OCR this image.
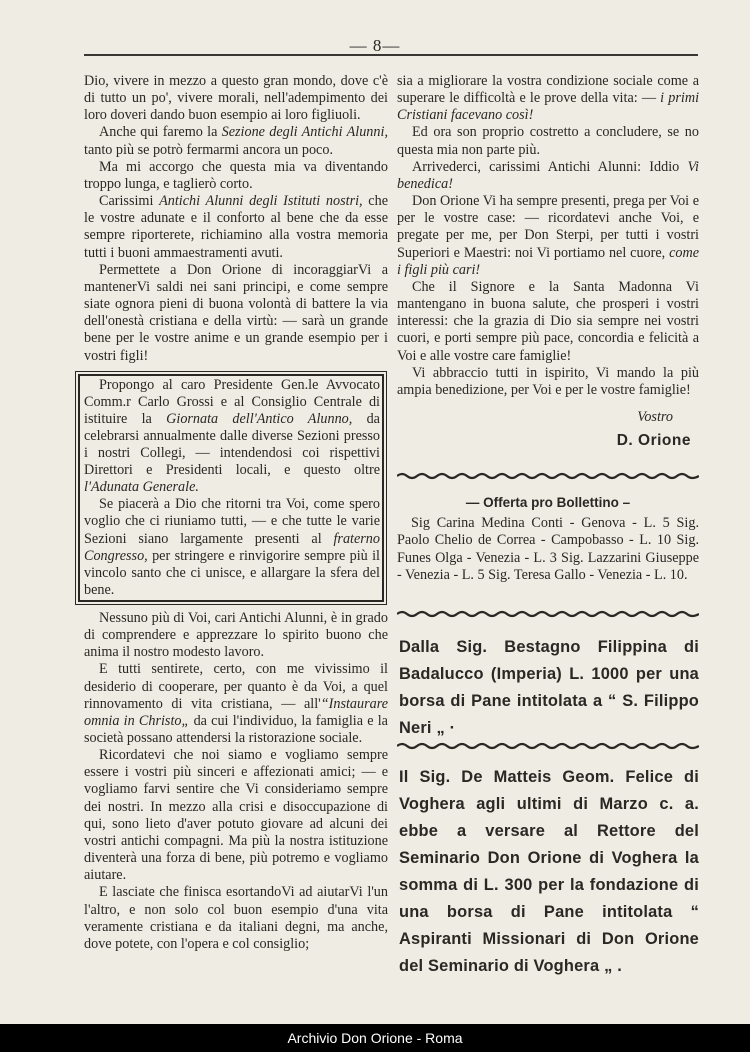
— 8—

Dio, vivere in mezzo a questo gran mondo, dove c'è di tutto un po', vivere morali, nell'adempimento dei loro doveri dando buon esempio ai loro figliuoli.

Anche qui faremo la Sezione degli Antichi Alunni, tanto più se potrò fermarmi ancora un poco.

Ma mi accorgo che questa mia va diventando troppo lunga, e taglierò corto.

Carissimi Antichi Alunni degli Istituti nostri, che le vostre adunate e il conforto al bene che da esse sempre riporterete, richiamino alla vostra memoria tutti i buoni ammaestramenti avuti.

Permettete a Don Orione di incoraggiarVi a mantenerVi saldi nei sani principi, e come sempre siate ognora pieni di buona volontà di battere la via dell'onestà cristiana e della virtù: — sarà un grande bene per le vostre anime e un grande esempio per i vostri figli!

Propongo al caro Presidente Gen.le Avvocato Comm.r Carlo Grossi e al Consiglio Centrale di istituire la Giornata dell'Antico Alunno, da celebrarsi annualmente dalle diverse Sezioni presso i nostri Collegi, — intendendosi coi rispettivi Direttori e Presidenti locali, e questo oltre l'Adunata Generale.

Se piacerà a Dio che ritorni tra Voi, come spero voglio che ci riuniamo tutti, — e che tutte le varie Sezioni siano largamente presenti al fraterno Congresso, per stringere e rinvigorire sempre più il vincolo santo che ci unisce, e allargare la sfera del bene.

Nessuno più di Voi, cari Antichi Alunni, è in grado di comprendere e apprezzare lo spirito buono che anima il nostro modesto lavoro.

E tutti sentirete, certo, con me vivissimo il desiderio di cooperare, per quanto è da Voi, a quel rinnovamento di vita cristiana, — all'“Instaurare omnia in Christo„ da cui l'individuo, la famiglia e la società possano attendersi la ristorazione sociale.

Ricordatevi che noi siamo e vogliamo sempre essere i vostri più sinceri e affezionati amici; — e vogliamo farvi sentire che Vi consideriamo sempre dei nostri. In mezzo alla crisi e disoccupazione di qui, sono lieto d'aver potuto giovare ad alcuni dei vostri antichi compagni. Ma più la nostra istituzione diventerà una forza di bene, più potremo e vogliamo aiutare.

E lasciate che finisca esortandoVi ad aiutarVi l'un l'altro, e non solo col buon esempio d'una vita veramente cristiana e da italiani degni, ma anche, dove potete, con l'opera e col consiglio;

sia a migliorare la vostra condizione sociale come a superare le difficoltà e le prove della vita: — i primi Cristiani facevano così!

Ed ora son proprio costretto a concludere, se no questa mia non parte più.

Arrivederci, carissimi Antichi Alunni: Iddio Vi benedica!

Don Orione Vi ha sempre presenti, prega per Voi e per le vostre case: — ricordatevi anche Voi, e pregate per me, per Don Sterpi, per tutti i vostri Superiori e Maestri: noi Vi portiamo nel cuore, come i figli più cari!

Che il Signore e la Santa Madonna Vi mantengano in buona salute, che prosperi i vostri interessi: che la grazia di Dio sia sempre nei vostri cuori, e porti sempre più pace, concordia e felicità a Voi e alle vostre care famiglie!

Vi abbraccio tutti in ispirito, Vi mando la più ampia benedizione, per Voi e per le vostre famiglie!

Vostro
D. Orione
— Offerta pro Bollettino –
Sig Carina Medina Conti - Genova - L. 5 Sig. Paolo Chelio de Correa - Campobasso - L. 10 Sig. Funes Olga - Venezia - L. 3 Sig. Lazzarini Giuseppe - Venezia - L. 5 Sig. Teresa Gallo - Venezia - L. 10.
Dalla Sig. Bestagno Filippina di Badalucco (Imperia) L. 1000 per una borsa di Pane intitolata a “ S. Filippo Neri „ ·
Il Sig. De Matteis Geom. Felice di Voghera agli ultimi di Marzo c. a. ebbe a versare al Rettore del Seminario Don Orione di Voghera la somma di L. 300 per la fondazione di una borsa di Pane intitolata “ Aspiranti Missionari di Don Orione del Seminario di Voghera „ .
Archivio Don Orione - Roma
